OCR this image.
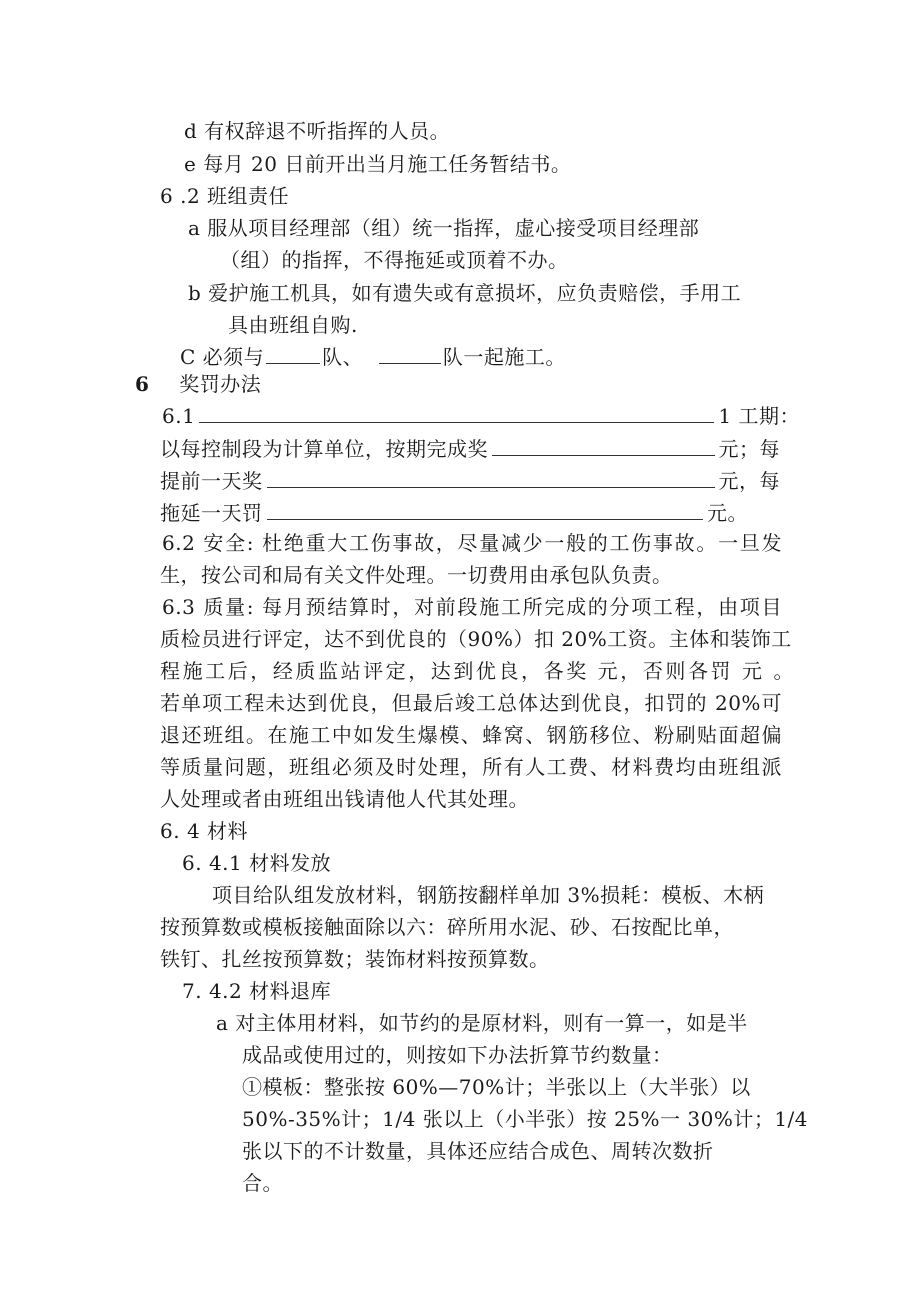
d 有权辞退不听指挥的人员。
e 每月 20 日前开出当月施工任务暂结书。
6 .2 班组责任
a 服从项目经理部（组）统一指挥，虚心接受项目经理部
（组）的指挥，不得拖延或顶着不办。
b 爱护施工机具，如有遗失或有意损坏，应负责赔偿，手用工
具由班组自购.
C 必须与	队、	队一起施工。
6 奖罚办法
6.1	1 工期：
以每控制段为计算单位，按期完成奖	元；每
提前一天奖	元，每
拖延一天罚	元。
6.2 安全: 杜绝重大工伤事故，尽量减少一般的工伤事故。一旦发
生，按公司和局有关文件处理。一切费用由承包队负责。
6.3 质量: 每月预结算时，对前段施工所完成的分项工程，由项目
质检员进行评定，达不到优良的（90%）扣 20%工资。主体和装饰工
程施工后，经质监站评定，达到优良，各奖 元，否则各罚 元 。
若单项工程未达到优良，但最后竣工总体达到优良，扣罚的 20%可
退还班组。在施工中如发生爆模、蜂窝、钢筋移位、粉刷贴面超偏
等质量问题，班组必须及时处理，所有人工费、材料费均由班组派
人处理或者由班组出钱请他人代其处理。
6. 4 材料
6. 4.1 材料发放
项目给队组发放材料，钢筋按翻样单加 3%损耗：模板、木柄
按预算数或模板接触面除以六：碎所用水泥、砂、石按配比单，
铁钉、扎丝按预算数；装饰材料按预算数。
7. 4.2 材料退库
a 对主体用材料，如节约的是原材料，则有一算一，如是半
成品或使用过的，则按如下办法折算节约数量：
①模板：整张按 60%—70%计；半张以上（大半张）以
50%-35%计；1/4 张以上（小半张）按 25%一 30%计；1/4
张以下的不计数量，具体还应结合成色、周转次数折
合。
